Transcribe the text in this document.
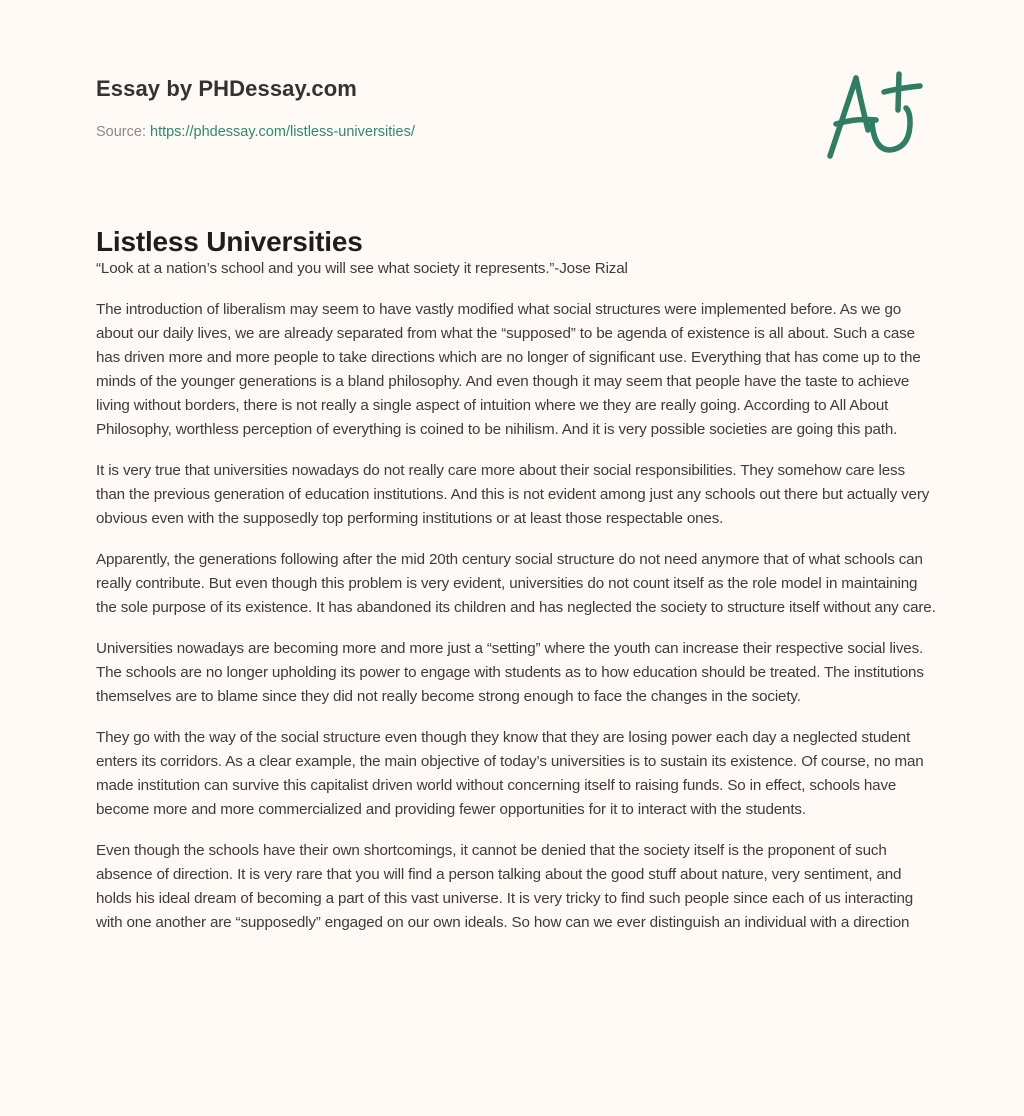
Essay by PHDessay.com
Source: https://phdessay.com/listless-universities/
Listless Universities

“Look at a nation’s school and you will see what society it represents.”-Jose Rizal

The introduction of liberalism may seem to have vastly modified what social structures were implemented before. As we go about our daily lives, we are already separated from what the “supposed” to be agenda of existence is all about. Such a case has driven more and more people to take directions which are no longer of significant use. Everything that has come up to the minds of the younger generations is a bland philosophy. And even though it may seem that people have the taste to achieve living without borders, there is not really a single aspect of intuition where we they are really going. According to All About Philosophy, worthless perception of everything is coined to be nihilism. And it is very possible societies are going this path.

It is very true that universities nowadays do not really care more about their social responsibilities. They somehow care less than the previous generation of education institutions. And this is not evident among just any schools out there but actually very obvious even with the supposedly top performing institutions or at least those respectable ones.

Apparently, the generations following after the mid 20th century social structure do not need anymore that of what schools can really contribute. But even though this problem is very evident, universities do not count itself as the role model in maintaining the sole purpose of its existence. It has abandoned its children and has neglected the society to structure itself without any care.

Universities nowadays are becoming more and more just a “setting” where the youth can increase their respective social lives. The schools are no longer upholding its power to engage with students as to how education should be treated. The institutions themselves are to blame since they did not really become strong enough to face the changes in the society.

They go with the way of the social structure even though they know that they are losing power each day a neglected student enters its corridors. As a clear example, the main objective of today’s universities is to sustain its existence. Of course, no man made institution can survive this capitalist driven world without concerning itself to raising funds. So in effect, schools have become more and more commercialized and providing fewer opportunities for it to interact with the students.

Even though the schools have their own shortcomings, it cannot be denied that the society itself is the proponent of such absence of direction. It is very rare that you will find a person talking about the good stuff about nature, very sentiment, and holds his ideal dream of becoming a part of this vast universe. It is very tricky to find such people since each of us interacting with one another are “supposedly” engaged on our own ideals. So how can we ever distinguish an individual with a direction
